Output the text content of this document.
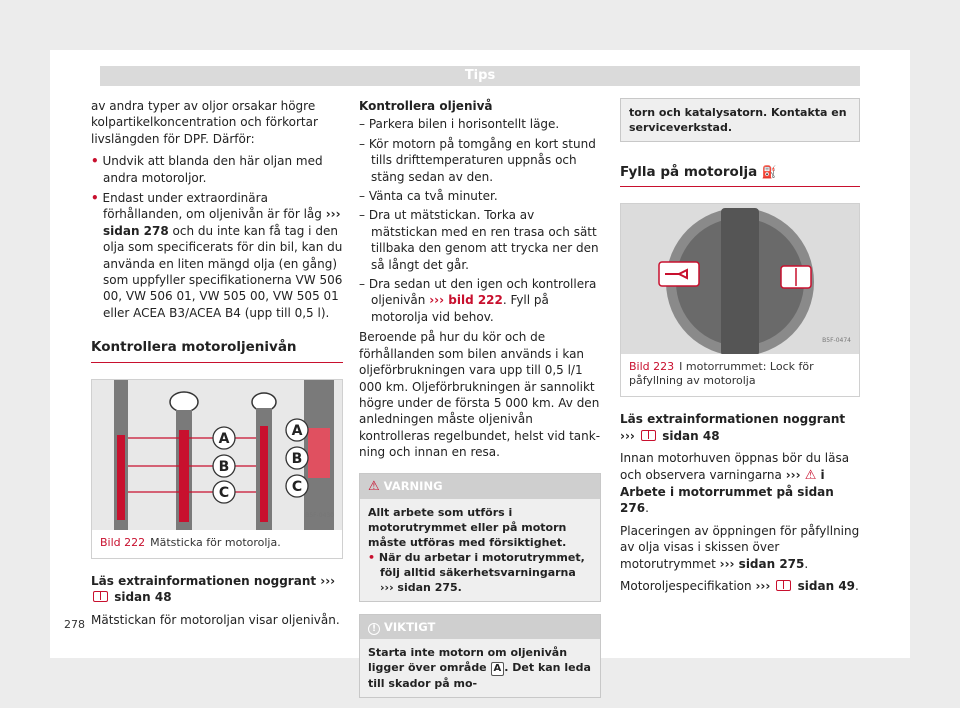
Tips

av andra typer av oljor orsakar högre kolpartikelkoncentration och förkortar livslängden för DPF. Därför:

• Undvik att blanda den här oljan med andra motoroljor.
• Endast under extraordinära förhållanden, om oljenivån är för låg ››› sidan 278 och du inte kan få tag i den olja som specificerats för din bil, kan du använda en liten mängd olja (en gång) som uppfyller specifikationerna VW 506 00, VW 506 01, VW 505 00, VW 505 01 eller ACEA B3/ACEA B4 (upp till 0,5 l).
Kontrollera motoroljenivån
A
B
C
A
B
C
B5F-0430
Bild 222 Mätsticka för motorolja.

Läs extrainformationen noggrant ›››  sidan 48

Mätstickan för motoroljan visar oljenivån.

Kontrollera oljenivå
– Parkera bilen i horisontellt läge.
– Kör motorn på tomgång en kort stund tills drifttemperaturen uppnås och stäng sedan av den.
– Vänta ca två minuter.
– Dra ut mätstickan. Torka av mätstickan med en ren trasa och sätt tillbaka den genom att trycka ner den så långt det går.
– Dra sedan ut den igen och kontrollera oljenivån ››› bild 222. Fyll på motorolja vid behov.

Beroende på hur du kör och de förhållanden som bilen används i kan oljeförbrukningen vara upp till 0,5 l/1 000 km. Oljeförbrukningen är sannolikt högre under de första 5 000 km. Av den anledningen måste oljenivån kontrolleras regelbundet, helst vid tankning och innan en resa.

⚠ VARNING
Allt arbete som utförs i motorutrymmet eller på motorn måste utföras med försiktighet.
• När du arbetar i motorutrymmet, följ alltid säkerhetsvarningarna ››› sidan 275.
! VIKTIGT
Starta inte motorn om oljenivån ligger över område A . Det kan leda till skador på mo-
torn och katalysatorn. Kontakta en serviceverkstad.
Fylla på motorolja ⛽
B5F-0474
Bild 223 I motorrummet: Lock för påfyllning av motorolja

Läs extrainformationen noggrant ›››  sidan 48

Innan motorhuven öppnas bör du läsa och observera varningarna ››› ⚠ i Arbete i motorrummet på sidan 276.

Placeringen av öppningen för påfyllning av olja visas i skissen över motorutrymmet ››› sidan 275.

Motoroljespecifikation ›››  sidan 49.

278
